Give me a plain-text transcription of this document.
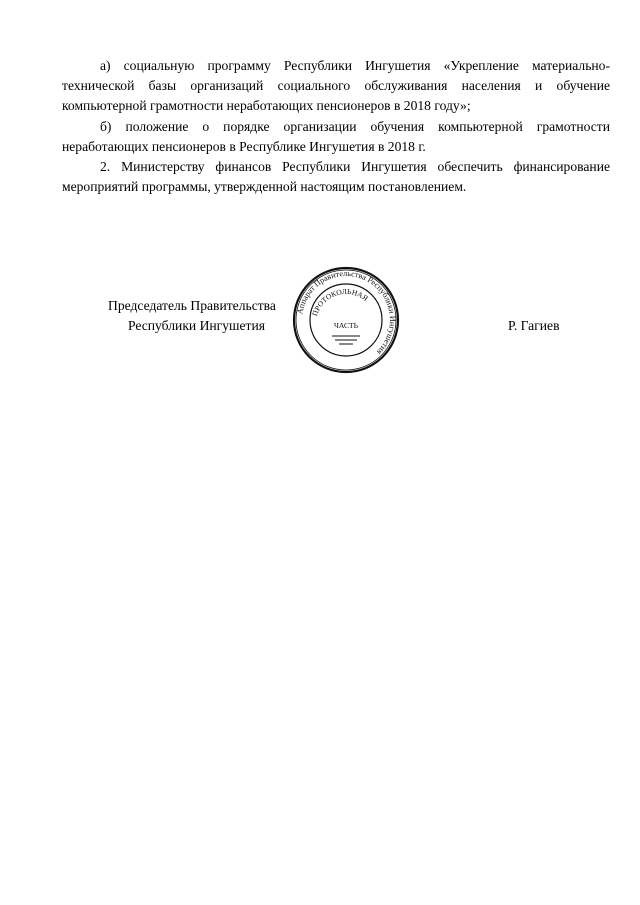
а) социальную программу Республики Ингушетия «Укрепление материально-технической базы организаций социального обслуживания населения и обучение компьютерной грамотности неработающих пенсионеров в 2018 году»;

б) положение о порядке организации обучения компьютерной грамотности неработающих пенсионеров в Республике Ингушетия в 2018 г.

2. Министерству финансов Республики Ингушетия обеспечить финансирование мероприятий программы, утвержденной настоящим постановлением.

Председатель Правительства
Республики Ингушетия
Аппарат Правительства Республики Ингушетия
ПРОТОКОЛЬНАЯ
ЧАСТЬ	Р. Гагиев
